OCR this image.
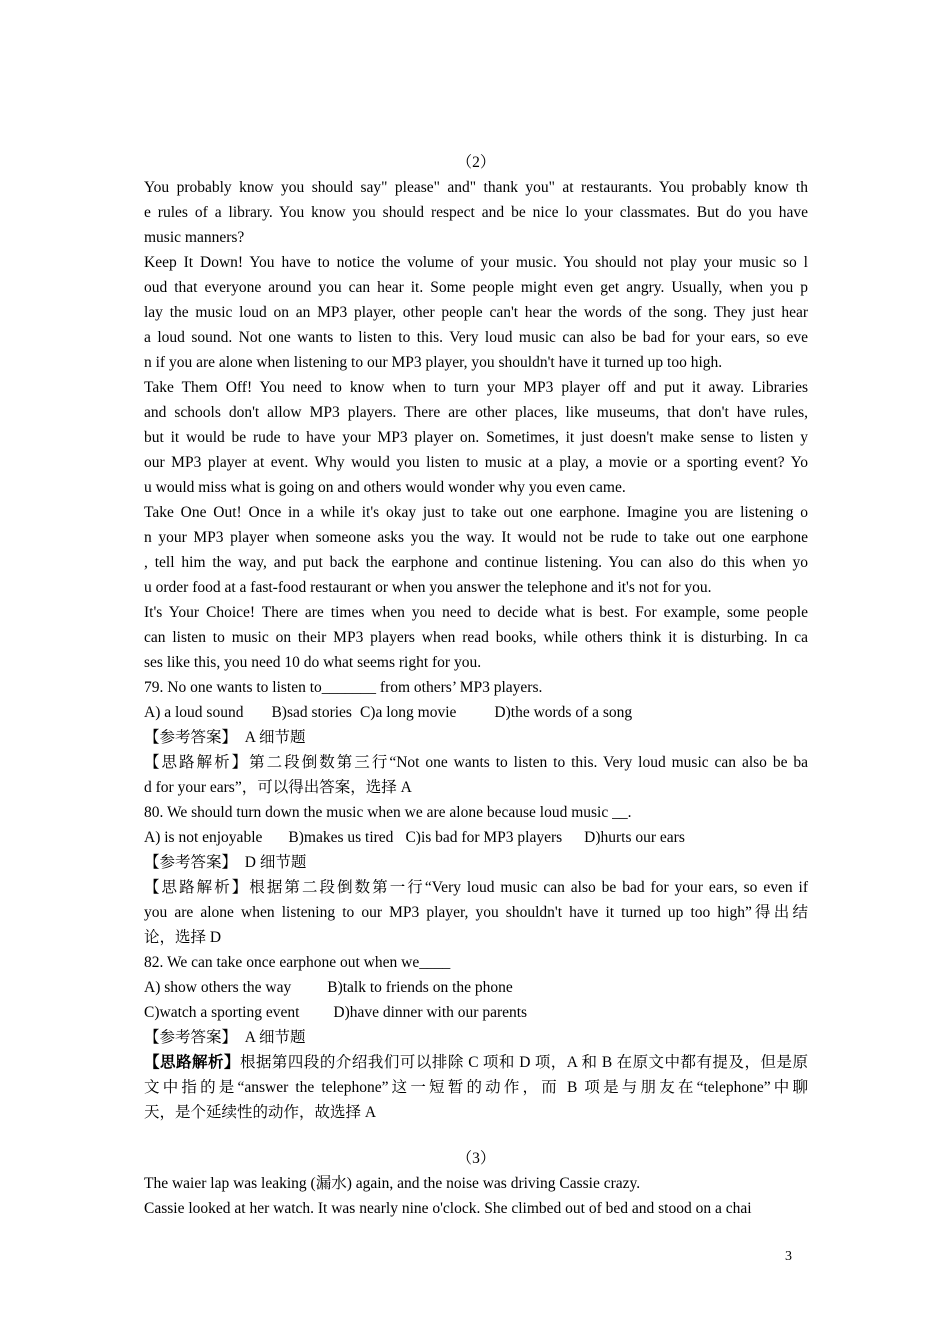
（2）
You probably know you should say" please" and" thank you" at restaurants. You probably know th
e rules of a library. You know you should respect and be nice lo your classmates. But do you have
music manners?
Keep It Down! You have to notice the volume of your music. You should not play your music so l
oud that everyone around you can hear it. Some people might even get angry. Usually, when you p
lay the music loud on an MP3 player, other people can't hear the words of the song. They just hear
a loud sound. Not one wants to listen to this. Very loud music can also be bad for your ears, so eve
n if you are alone when listening to our MP3 player, you shouldn't have it turned up too high.
Take Them Off! You need to know when to turn your MP3 player off and put it away. Libraries
and schools don't allow MP3 players. There are other places, like museums, that don't have rules,
but it would be rude to have your MP3 player on. Sometimes, it just doesn't make sense to listen y
our MP3 player at event. Why would you listen to music at a play, a movie or a sporting event? Yo
u would miss what is going on and others would wonder why you even came.
Take One Out! Once in a while it's okay just to take out one earphone. Imagine you are listening o
n your MP3 player when someone asks you the way. It would not be rude to take out one earphone
, tell him the way, and put back the earphone and continue listening. You can also do this when yo
u order food at a fast-food restaurant or when you answer the telephone and it's not for you.
It's Your Choice! There are times when you need to decide what is best. For example, some people
can listen to music on their MP3 players when read books, while others think it is disturbing. In ca
ses like this, you need 10 do what seems right for you.
79. No one wants to listen to_______ from others’ MP3 players.
A) a loud sound B)sad stories C)a long movie D)the words of a song
【参考答案】　A 细节题
【思路解析】第二段倒数第三行“Not one wants to listen to this. Very loud music can also be ba
d for your ears”，可以得出答案，选择 A
80. We should turn down the music when we are alone because loud music __.
A) is not enjoyable B)makes us tired C)is bad for MP3 players D)hurts our ears
【参考答案】　D 细节题
【思路解析】根据第二段倒数第一行“Very loud music can also be bad for your ears, so even if
you are alone when listening to our MP3 player, you shouldn't have it turned up too high”得出结
论，选择 D
82. We can take once earphone out when we____
A) show others the way B)talk to friends on the phone
C)watch a sporting event D)have dinner with our parents
【参考答案】　A 细节题
【思路解析】根据第四段的介绍我们可以排除 C 项和 D 项，A 和 B 在原文中都有提及，但是原
文中指的是“answer the telephone”这一短暂的动作，而 B 项是与朋友在“telephone”中聊
天，是个延续性的动作，故选择 A
（3）
The waier lap was leaking (漏水) again, and the noise was driving Cassie crazy.
Cassie looked at her watch. It was nearly nine o'clock. She climbed out of bed and stood on a chai
3
